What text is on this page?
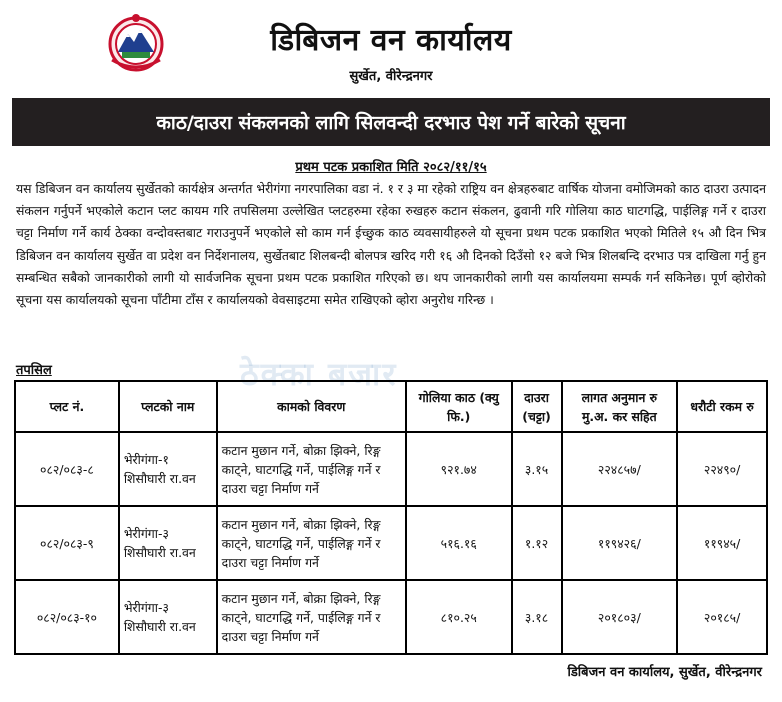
डिबिजन वन कार्यालय
सुर्खेत, वीरेन्द्रनगर
काठ/दाउरा संकलनको लागि सिलवन्दी दरभाउ पेश गर्ने बारेको सूचना
प्रथम पटक प्रकाशित मिति २०८२/११/१५
यस डिबिजन वन कार्यालय सुर्खेतको कार्यक्षेत्र अन्तर्गत भेरीगंगा नगरपालिका वडा नं. १ र ३ मा रहेको राष्ट्रिय वन क्षेत्रहरुबाट वार्षिक योजना वमोजिमको काठ दाउरा उत्पादन संकलन गर्नुपर्ने भएकोले कटान प्लट कायम गरि तपसिलमा उल्लेखित प्लटहरुमा रहेका रुखहरु कटान संकलन, ढुवानी गरि गोलिया काठ घाटगद्धि, पाईलिङ्ग गर्ने र दाउरा चट्टा निर्माण गर्ने कार्य ठेक्का वन्दोवस्तबाट गराउनुपर्ने भएकोले सो काम गर्न ईच्छुक काठ व्यवसायीहरुले यो सूचना प्रथम पटक प्रकाशित भएको मितिले १५ औ दिन भित्र डिबिजन वन कार्यालय सुर्खेत वा प्रदेश वन निर्देशनालय, सुर्खेतबाट शिलबन्दी बोलपत्र खरिद गरी १६ औ दिनको दिउँसो १२ बजे भित्र शिलबन्दि दरभाउ पत्र दाखिला गर्नु हुन सम्बन्धित सबैको जानकारीको लागी यो सार्वजनिक सूचना प्रथम पटक प्रकाशित गरिएको छ। थप जानकारीको लागी यस कार्यालयमा सम्पर्क गर्न सकिनेछ। पूर्ण व्होरोको सूचना यस कार्यालयको सूचना पाँटीमा टाँस र कार्यालयको वेवसाइटमा समेत राखिएको व्होरा अनुरोध गरिन्छ ।
ठेक्का बजार
तपसिल
प्लट नं.	प्लटको नाम	कामको विवरण	गोलिया काठ (क्यु फि.)	दाउरा (चट्टा)	लागत अनुमान रु मु.अ. कर सहित	धरौटी रकम रु
०८२/०८३-८	भेरीगंगा-१ शिसौघारी रा.वन	कटान मुछान गर्ने, बोक्रा झिक्ने, रिङ्ग काट्ने, घाटगद्धि गर्ने, पाईलिङ्ग गर्ने र दाउरा चट्टा निर्माण गर्ने	९२१.७४	३.१५	२२४८५७/	२२४९०/
०८२/०८३-९	भेरीगंगा-३ शिसौघारी रा.वन	कटान मुछान गर्ने, बोक्रा झिक्ने, रिङ्ग काट्ने, घाटगद्धि गर्ने, पाईलिङ्ग गर्ने र दाउरा चट्टा निर्माण गर्ने	५१६.१६	१.१२	११९४२६/	११९४५/
०८२/०८३-१०	भेरीगंगा-३ शिसौघारी रा.वन	कटान मुछान गर्ने, बोक्रा झिक्ने, रिङ्ग काट्ने, घाटगद्धि गर्ने, पाईलिङ्ग गर्ने र दाउरा चट्टा निर्माण गर्ने	८१०.२५	३.१८	२०१८०३/	२०१८५/
डिबिजन वन कार्यालय, सुर्खेत, वीरेन्द्रनगर
